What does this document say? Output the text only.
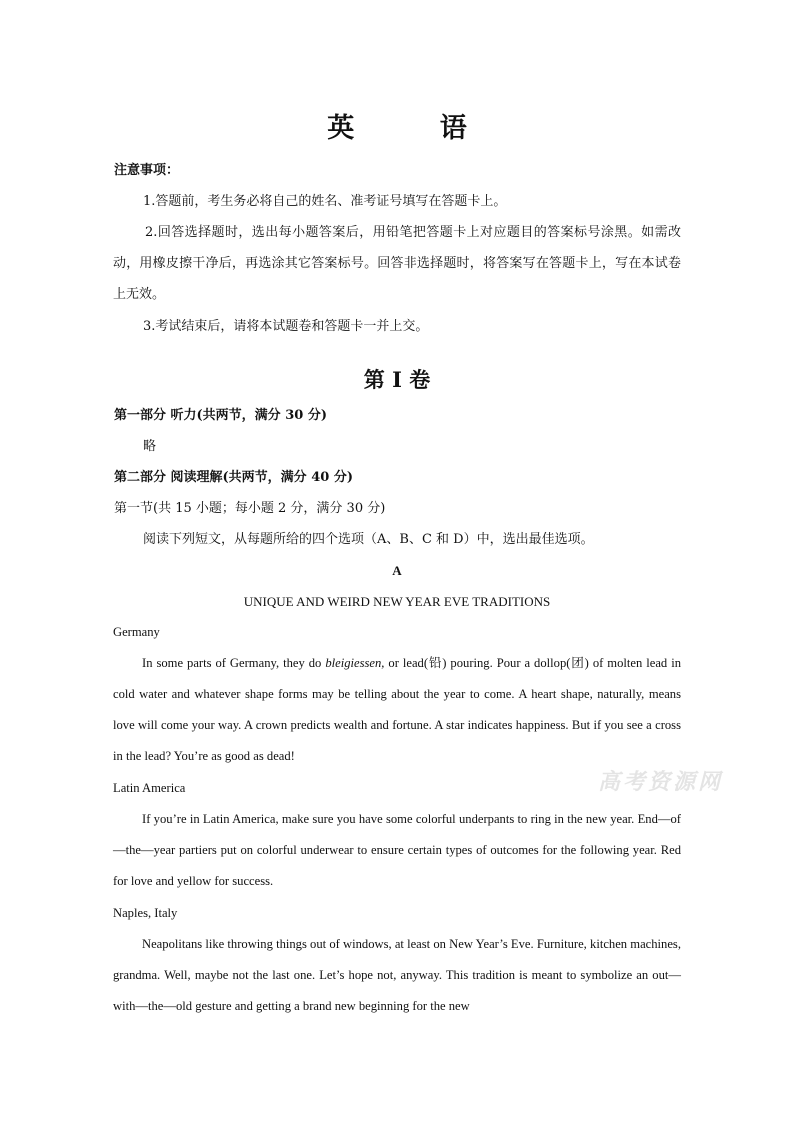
英 语
注意事项：
1.答题前，考生务必将自己的姓名、准考证号填写在答题卡上。
2.回答选择题时，选出每小题答案后，用铅笔把答题卡上对应题目的答案标号涂黑。如需改动，用橡皮擦干净后，再选涂其它答案标号。回答非选择题时，将答案写在答题卡上，写在本试卷上无效。
3.考试结束后，请将本试题卷和答题卡一并上交。
第 I 卷
第一部分 听力(共两节，满分 30 分)
略
第二部分 阅读理解(共两节，满分 40 分)
第一节(共 15 小题；每小题 2 分，满分 30 分)
阅读下列短文，从每题所给的四个选项（A、B、C 和 D）中，选出最佳选项。
A
UNIQUE AND WEIRD NEW YEAR EVE TRADITIONS
Germany
In some parts of Germany, they do bleigiessen, or lead(铅) pouring. Pour a dollop(团) of molten lead in cold water and whatever shape forms may be telling about the year to come. A heart shape, naturally, means love will come your way. A crown predicts wealth and fortune. A star indicates happiness. But if you see a cross in the lead? You’re as good as dead!
Latin America
If you’re in Latin America, make sure you have some colorful underpants to ring in the new year. End—of—the—year partiers put on colorful underwear to ensure certain types of outcomes for the following year. Red for love and yellow for success.
Naples, Italy
Neapolitans like throwing things out of windows, at least on New Year’s Eve. Furniture, kitchen machines, grandma. Well, maybe not the last one. Let’s hope not, anyway. This tradition is meant to symbolize an out—with—the—old gesture and getting a brand new beginning for the new
高考资源网
